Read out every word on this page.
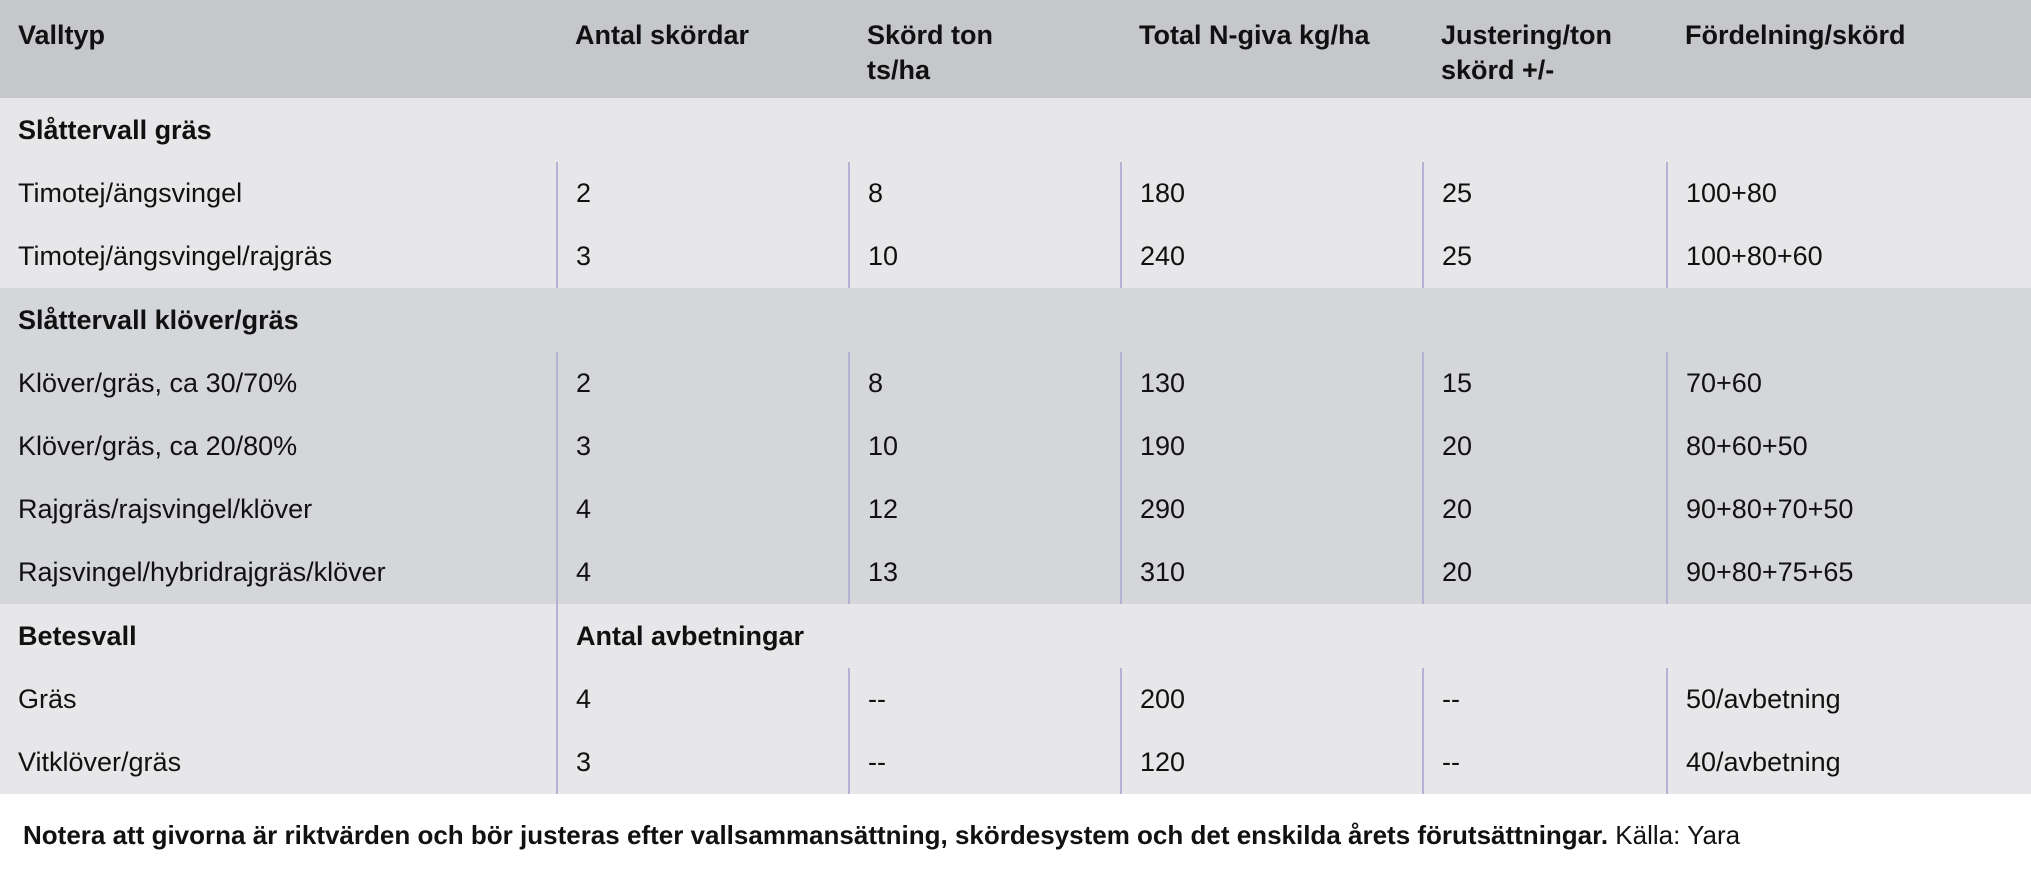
Valltyp	Antal skördar	Skörd ton ts/ha	Total N-giva kg/ha	Justering/ton skörd +/-	Fördelning/skörd
Slåttervall gräs					
Timotej/ängsvingel	2	8	180	25	100+80
Timotej/ängsvingel/rajgräs	3	10	240	25	100+80+60
Slåttervall klöver/gräs					
Klöver/gräs, ca 30/70%	2	8	130	15	70+60
Klöver/gräs, ca 20/80%	3	10	190	20	80+60+50
Rajgräs/rajsvingel/klöver	4	12	290	20	90+80+70+50
Rajsvingel/hybridrajgräs/klöver	4	13	310	20	90+80+75+65
Betesvall	Antal avbetningar				
Gräs	4	--	200	--	50/avbetning
Vitklöver/gräs	3	--	120	--	40/avbetning

Notera att givorna är riktvärden och bör justeras efter vallsammansättning, skördesystem och det enskilda årets förutsättningar. Källa: Yara
